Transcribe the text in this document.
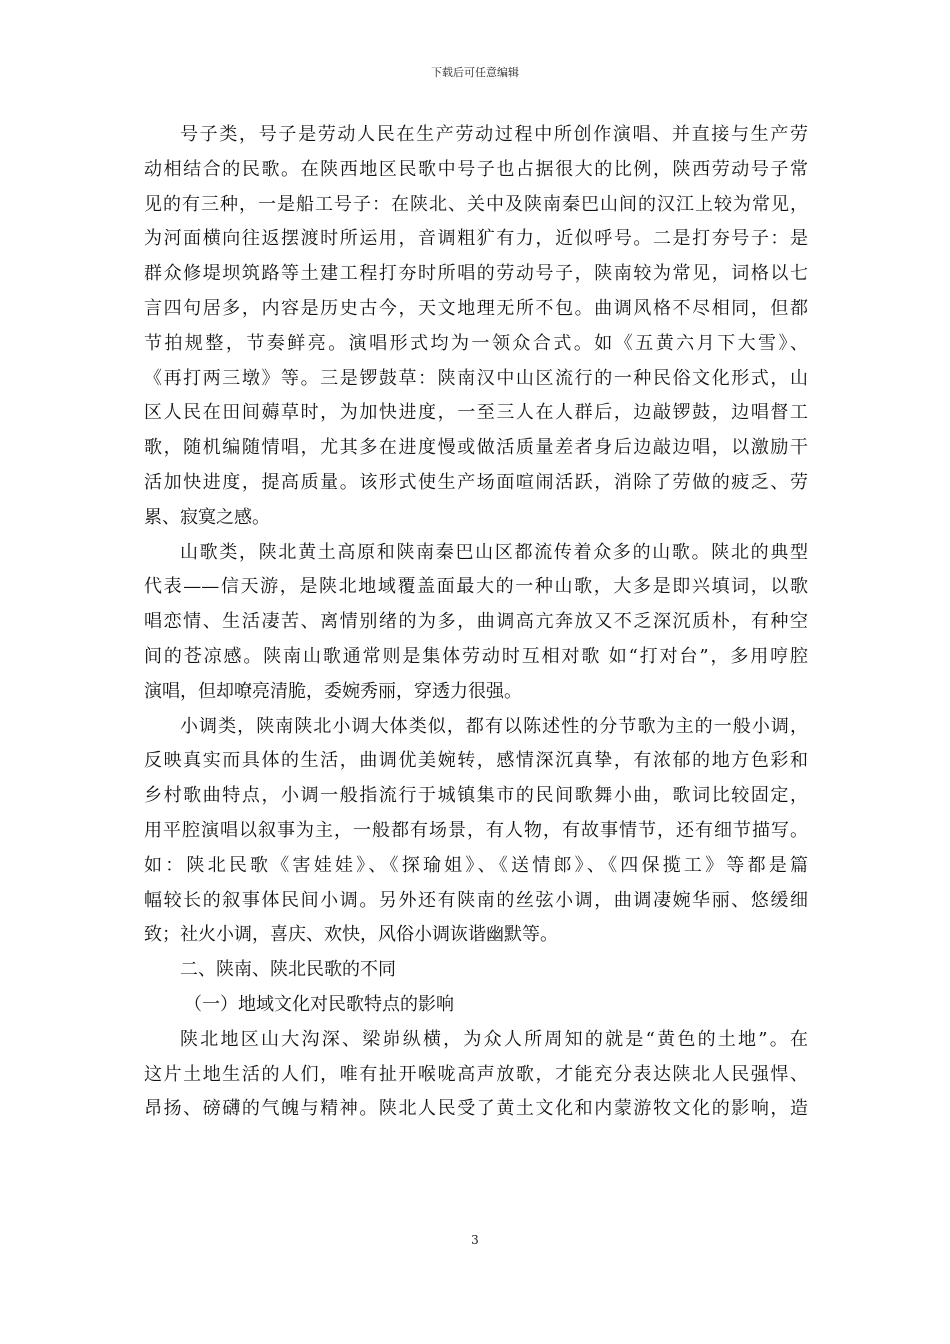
下载后可任意编辑
号子类，号子是劳动人民在生产劳动过程中所创作演唱、并直接与生产劳
动相结合的民歌。在陕西地区民歌中号子也占据很大的比例，陕西劳动号子常
见的有三种，一是船工号子：在陕北、关中及陕南秦巴山间的汉江上较为常见，
为河面横向往返摆渡时所运用，音调粗犷有力，近似呼号。二是打夯号子：是
群众修堤坝筑路等土建工程打夯时所唱的劳动号子，陕南较为常见，词格以七
言四句居多，内容是历史古今，天文地理无所不包。曲调风格不尽相同，但都
节拍规整，节奏鲜亮。演唱形式均为一领众合式。如《五黄六月下大雪》、
《再打两三墩》等。三是锣鼓草：陕南汉中山区流行的一种民俗文化形式，山
区人民在田间薅草时，为加快进度，一至三人在人群后，边敲锣鼓，边唱督工
歌，随机编随情唱，尤其多在进度慢或做活质量差者身后边敲边唱，以激励干
活加快进度，提高质量。该形式使生产场面喧闹活跃，消除了劳做的疲乏、劳
累、寂寞之感。
山歌类，陕北黄土高原和陕南秦巴山区都流传着众多的山歌。陕北的典型
代表——信天游，是陕北地域覆盖面最大的一种山歌，大多是即兴填词，以歌
唱恋情、生活凄苦、离情别绪的为多，曲调高亢奔放又不乏深沉质朴，有种空
间的苍凉感。陕南山歌通常则是集体劳动时互相对歌 如“打对台”，多用哼腔
演唱，但却嘹亮清脆，委婉秀丽，穿透力很强。
小调类，陕南陕北小调大体类似，都有以陈述性的分节歌为主的一般小调，
反映真实而具体的生活，曲调优美婉转，感情深沉真挚，有浓郁的地方色彩和
乡村歌曲特点，小调一般指流行于城镇集市的民间歌舞小曲，歌词比较固定，
用平腔演唱以叙事为主，一般都有场景，有人物，有故事情节，还有细节描写。
如：陕北民歌《害娃娃》、《探瑜姐》、《送情郎》、《四保揽工》等都是篇
幅较长的叙事体民间小调。另外还有陕南的丝弦小调，曲调凄婉华丽、悠缓细
致；社火小调，喜庆、欢快，风俗小调诙谐幽默等。
二、陕南、陕北民歌的不同
（一）地域文化对民歌特点的影响
陕北地区山大沟深、梁峁纵横，为众人所周知的就是“黄色的土地”。在
这片土地生活的人们，唯有扯开喉咙高声放歌，才能充分表达陕北人民强悍、
昂扬、磅礴的气魄与精神。陕北人民受了黄土文化和内蒙游牧文化的影响，造
3
